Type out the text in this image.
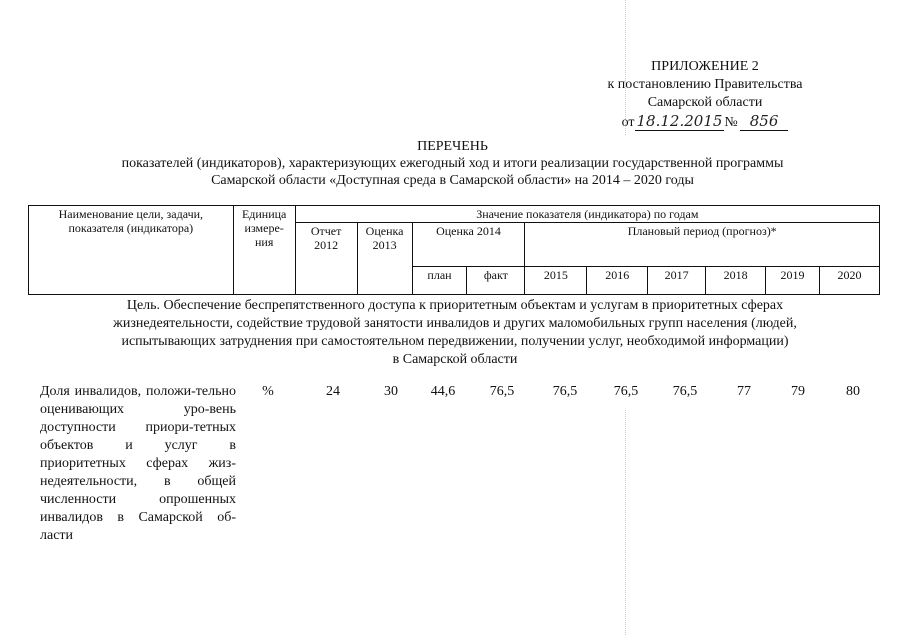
ПРИЛОЖЕНИЕ 2
к постановлению Правительства
Самарской области
от 18.12.2015 № 856
ПЕРЕЧЕНЬ
показателей (индикаторов), характеризующих ежегодный ход и итоги реализации государственной программы
Самарской области «Доступная среда в Самарской области» на 2014 – 2020 годы
Наименование цели, задачи, показателя (индикатора)	Единица измере-ния	Значение показателя (индикатора) по годам									
		Отчет 2012	Оценка 2013	Оценка 2014		Плановый период (прогноз)*					
				план	факт	2015	2016	2017	2018	2019	2020
Цель. Обеспечение беспрепятственного доступа к приоритетным объектам и услугам в приоритетных сферах
жизнедеятельности, содействие трудовой занятости инвалидов и других маломобильных групп населения (людей,
испытывающих затруднения при самостоятельном передвижении, получении услуг, необходимой информации)
в Самарской области
Доля инвалидов, положи-тельно оценивающих уро-вень доступности приори-тетных объектов и услуг в приоритетных сферах жиз-недеятельности, в общей численности опрошенных инвалидов в Самарской об-ласти
%	24	30	44,6	76,5	76,5	76,5	76,5	77	79	80
